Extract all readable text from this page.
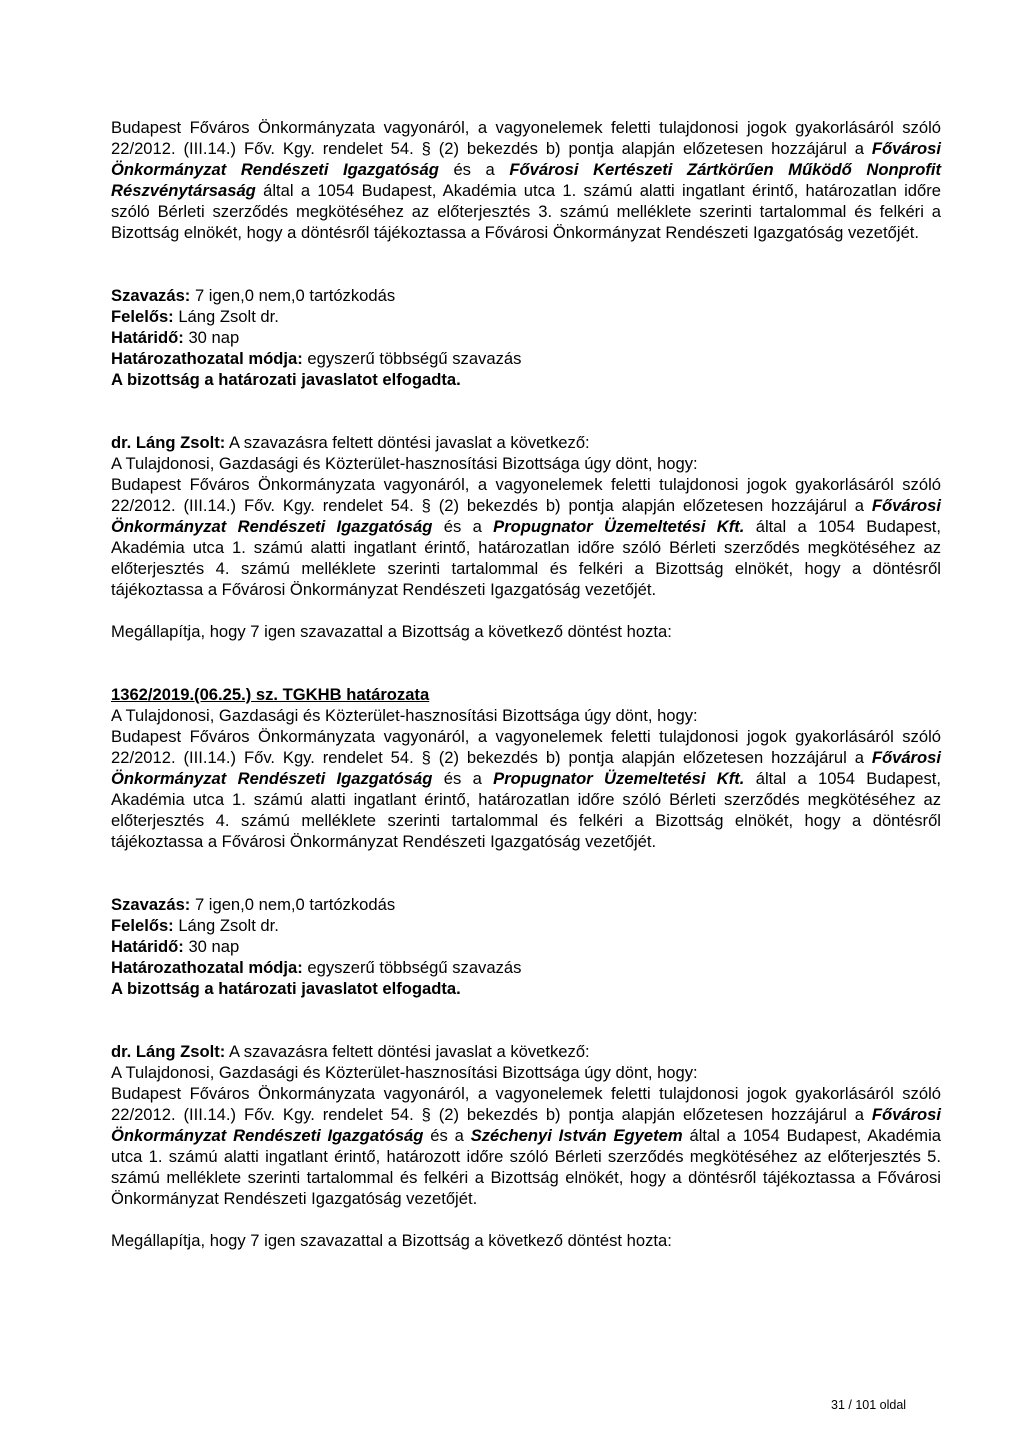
Budapest Főváros Önkormányzata vagyonáról, a vagyonelemek feletti tulajdonosi jogok gyakorlásáról szóló 22/2012. (III.14.) Főv. Kgy. rendelet 54. § (2) bekezdés b) pontja alapján előzetesen hozzájárul a Fővárosi Önkormányzat Rendészeti Igazgatóság és a Fővárosi Kertészeti Zártkörűen Működő Nonprofit Részvénytársaság által a 1054 Budapest, Akadémia utca 1. számú alatti ingatlant érintő, határozatlan időre szóló Bérleti szerződés megkötéséhez az előterjesztés 3. számú melléklete szerinti tartalommal és felkéri a Bizottság elnökét, hogy a döntésről tájékoztassa a Fővárosi Önkormányzat Rendészeti Igazgatóság vezetőjét.

Szavazás: 7 igen,0 nem,0 tartózkodás
Felelős: Láng Zsolt dr.
Határidő: 30 nap
Határozathozatal módja: egyszerű többségű szavazás
A bizottság a határozati javaslatot elfogadta.
dr. Láng Zsolt: A szavazásra feltett döntési javaslat a következő:
A Tulajdonosi, Gazdasági és Közterület-hasznosítási Bizottsága úgy dönt, hogy:

Budapest Főváros Önkormányzata vagyonáról, a vagyonelemek feletti tulajdonosi jogok gyakorlásáról szóló 22/2012. (III.14.) Főv. Kgy. rendelet 54. § (2) bekezdés b) pontja alapján előzetesen hozzájárul a Fővárosi Önkormányzat Rendészeti Igazgatóság és a Propugnator Üzemeltetési Kft. által a 1054 Budapest, Akadémia utca 1. számú alatti ingatlant érintő, határozatlan időre szóló Bérleti szerződés megkötéséhez az előterjesztés 4. számú melléklete szerinti tartalommal és felkéri a Bizottság elnökét, hogy a döntésről tájékoztassa a Fővárosi Önkormányzat Rendészeti Igazgatóság vezetőjét.

Megállapítja, hogy 7 igen szavazattal a Bizottság a következő döntést hozta:
1362/2019.(06.25.) sz. TGKHB határozata
A Tulajdonosi, Gazdasági és Közterület-hasznosítási Bizottsága úgy dönt, hogy:

Budapest Főváros Önkormányzata vagyonáról, a vagyonelemek feletti tulajdonosi jogok gyakorlásáról szóló 22/2012. (III.14.) Főv. Kgy. rendelet 54. § (2) bekezdés b) pontja alapján előzetesen hozzájárul a Fővárosi Önkormányzat Rendészeti Igazgatóság és a Propugnator Üzemeltetési Kft. által a 1054 Budapest, Akadémia utca 1. számú alatti ingatlant érintő, határozatlan időre szóló Bérleti szerződés megkötéséhez az előterjesztés 4. számú melléklete szerinti tartalommal és felkéri a Bizottság elnökét, hogy a döntésről tájékoztassa a Fővárosi Önkormányzat Rendészeti Igazgatóság vezetőjét.

Szavazás: 7 igen,0 nem,0 tartózkodás
Felelős: Láng Zsolt dr.
Határidő: 30 nap
Határozathozatal módja: egyszerű többségű szavazás
A bizottság a határozati javaslatot elfogadta.
dr. Láng Zsolt: A szavazásra feltett döntési javaslat a következő:
A Tulajdonosi, Gazdasági és Közterület-hasznosítási Bizottsága úgy dönt, hogy:

Budapest Főváros Önkormányzata vagyonáról, a vagyonelemek feletti tulajdonosi jogok gyakorlásáról szóló 22/2012. (III.14.) Főv. Kgy. rendelet 54. § (2) bekezdés b) pontja alapján előzetesen hozzájárul a Fővárosi Önkormányzat Rendészeti Igazgatóság és a Széchenyi István Egyetem által a 1054 Budapest, Akadémia utca 1. számú alatti ingatlant érintő, határozott időre szóló Bérleti szerződés megkötéséhez az előterjesztés 5. számú melléklete szerinti tartalommal és felkéri a Bizottság elnökét, hogy a döntésről tájékoztassa a Fővárosi Önkormányzat Rendészeti Igazgatóság vezetőjét.

Megállapítja, hogy 7 igen szavazattal a Bizottság a következő döntést hozta:
31 / 101 oldal
